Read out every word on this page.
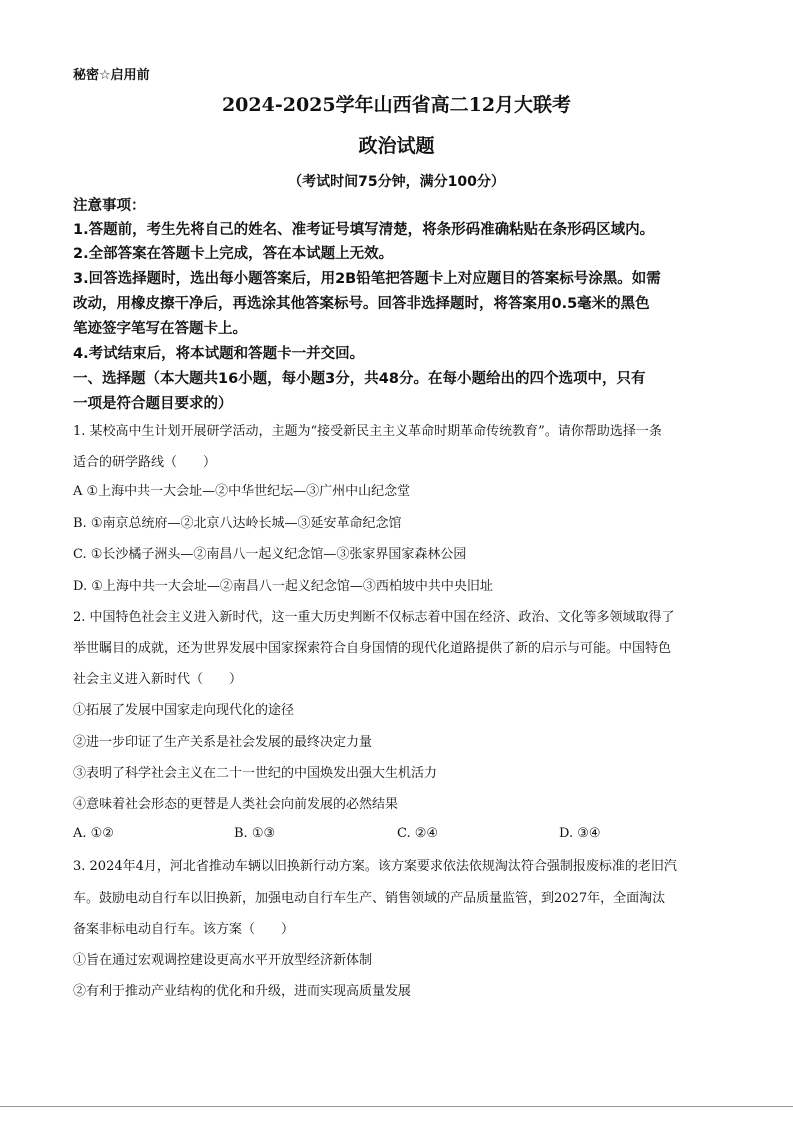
秘密☆启用前
2024-2025学年山西省高二12月大联考
政治试题
（考试时间75分钟，满分100分）
注意事项：
1.答题前，考生先将自己的姓名、准考证号填写清楚，将条形码准确粘贴在条形码区域内。
2.全部答案在答题卡上完成，答在本试题上无效。
3.回答选择题时，选出每小题答案后，用2B铅笔把答题卡上对应题目的答案标号涂黑。如需
改动，用橡皮擦干净后，再选涂其他答案标号。回答非选择题时，将答案用0.5毫米的黑色
笔迹签字笔写在答题卡上。
4.考试结束后，将本试题和答题卡一并交回。
一、选择题（本大题共16小题，每小题3分，共48分。在每小题给出的四个选项中，只有
一项是符合题目要求的）
1. 某校高中生计划开展研学活动，主题为“接受新民主主义革命时期革命传统教育”。请你帮助选择一条
适合的研学路线（　　）
A ①上海中共一大会址—②中华世纪坛—③广州中山纪念堂
B. ①南京总统府—②北京八达岭长城—③延安革命纪念馆
C. ①长沙橘子洲头—②南昌八一起义纪念馆—③张家界国家森林公园
D. ①上海中共一大会址—②南昌八一起义纪念馆—③西柏坡中共中央旧址
2. 中国特色社会主义进入新时代，这一重大历史判断不仅标志着中国在经济、政治、文化等多领域取得了
举世瞩目的成就，还为世界发展中国家探索符合自身国情的现代化道路提供了新的启示与可能。中国特色
社会主义进入新时代（　　）
①拓展了发展中国家走向现代化的途径
②进一步印证了生产关系是社会发展的最终决定力量
③表明了科学社会主义在二十一世纪的中国焕发出强大生机活力
④意味着社会形态的更替是人类社会向前发展的必然结果
A. ①②	B. ①③	C. ②④	D. ③④
3. 2024年4月，河北省推动车辆以旧换新行动方案。该方案要求依法依规淘汰符合强制报废标准的老旧汽
车。鼓励电动自行车以旧换新，加强电动自行车生产、销售领域的产品质量监管，到2027年，全面淘汰
备案非标电动自行车。该方案（　　）
①旨在通过宏观调控建设更高水平开放型经济新体制
②有利于推动产业结构的优化和升级，进而实现高质量发展
